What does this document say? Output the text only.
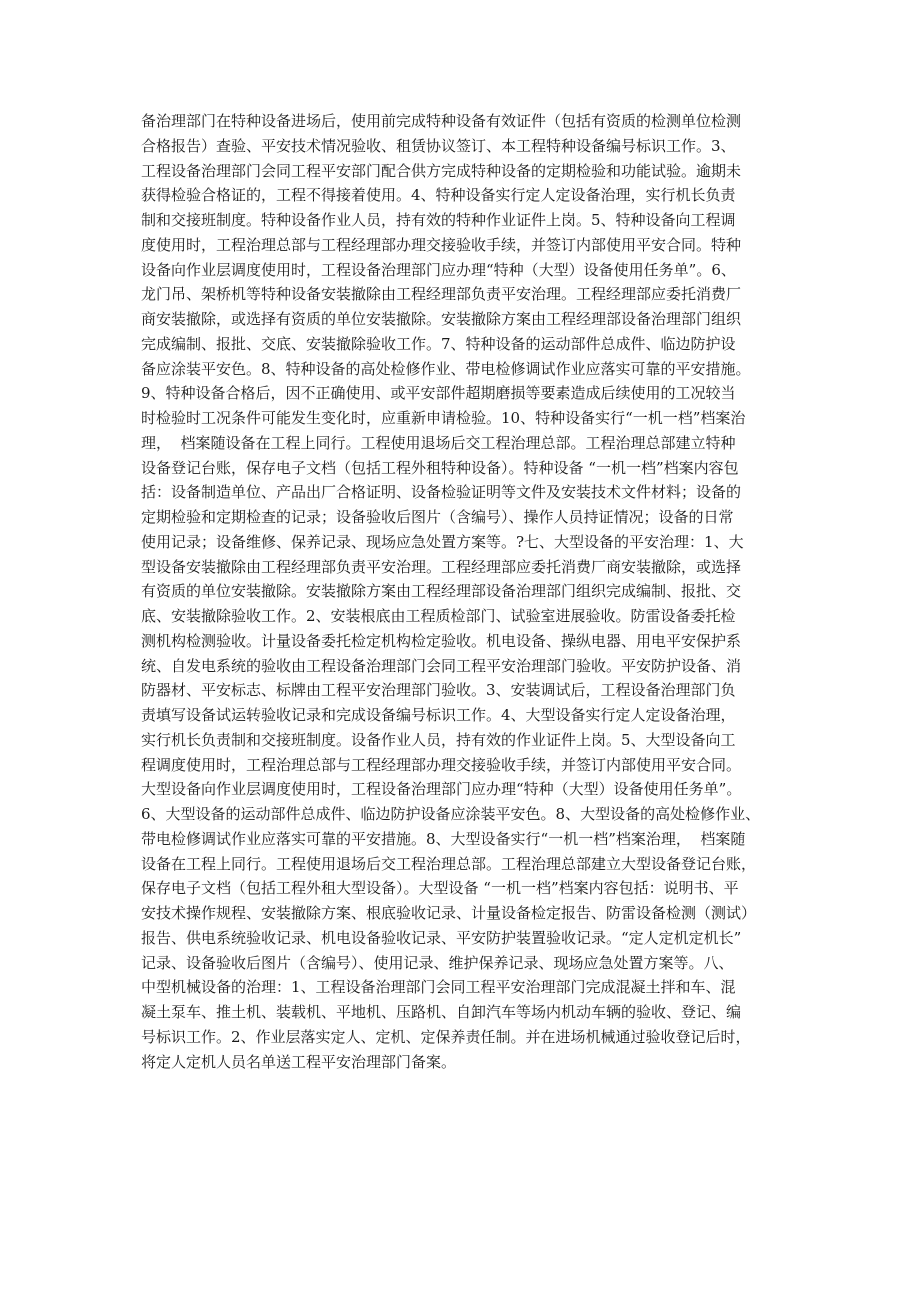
备治理部门在特种设备进场后，使用前完成特种设备有效证件（包括有资质的检测单位检测
合格报告）查验、平安技术情况验收、租赁协议签订、本工程特种设备编号标识工作。3、
工程设备治理部门会同工程平安部门配合供方完成特种设备的定期检验和功能试验。逾期未
获得检验合格证的，工程不得接着使用。4、特种设备实行定人定设备治理，实行机长负责
制和交接班制度。特种设备作业人员，持有效的特种作业证件上岗。5、特种设备向工程调
度使用时，工程治理总部与工程经理部办理交接验收手续，并签订内部使用平安合同。特种
设备向作业层调度使用时，工程设备治理部门应办理“特种（大型）设备使用任务单”。6、
龙门吊、架桥机等特种设备安装撤除由工程经理部负责平安治理。工程经理部应委托消费厂
商安装撤除，或选择有资质的单位安装撤除。安装撤除方案由工程经理部设备治理部门组织
完成编制、报批、交底、安装撤除验收工作。7、特种设备的运动部件总成件、临边防护设
备应涂装平安色。8、特种设备的高处检修作业、带电检修调试作业应落实可靠的平安措施。
9、特种设备合格后，因不正确使用、或平安部件超期磨损等要素造成后续使用的工况较当
时检验时工况条件可能发生变化时，应重新申请检验。10、特种设备实行“一机一档”档案治
理，  档案随设备在工程上同行。工程使用退场后交工程治理总部。工程治理总部建立特种
设备登记台账，保存电子文档（包括工程外租特种设备）。特种设备 “一机一档”档案内容包
括：设备制造单位、产品出厂合格证明、设备检验证明等文件及安装技术文件材料；设备的
定期检验和定期检查的记录；设备验收后图片（含编号）、操作人员持证情况；设备的日常
使用记录；设备维修、保养记录、现场应急处置方案等。?七、大型设备的平安治理：1、大
型设备安装撤除由工程经理部负责平安治理。工程经理部应委托消费厂商安装撤除，或选择
有资质的单位安装撤除。安装撤除方案由工程经理部设备治理部门组织完成编制、报批、交
底、安装撤除验收工作。2、安装根底由工程质检部门、试验室进展验收。防雷设备委托检
测机构检测验收。计量设备委托检定机构检定验收。机电设备、操纵电器、用电平安保护系
统、自发电系统的验收由工程设备治理部门会同工程平安治理部门验收。平安防护设备、消
防器材、平安标志、标牌由工程平安治理部门验收。3、安装调试后，工程设备治理部门负
责填写设备试运转验收记录和完成设备编号标识工作。4、大型设备实行定人定设备治理，
实行机长负责制和交接班制度。设备作业人员，持有效的作业证件上岗。5、大型设备向工
程调度使用时，工程治理总部与工程经理部办理交接验收手续，并签订内部使用平安合同。
大型设备向作业层调度使用时，工程设备治理部门应办理“特种（大型）设备使用任务单”。
6、大型设备的运动部件总成件、临边防护设备应涂装平安色。8、大型设备的高处检修作业、
带电检修调试作业应落实可靠的平安措施。8、大型设备实行“一机一档”档案治理，  档案随
设备在工程上同行。工程使用退场后交工程治理总部。工程治理总部建立大型设备登记台账，
保存电子文档（包括工程外租大型设备）。大型设备 “一机一档”档案内容包括：说明书、平
安技术操作规程、安装撤除方案、根底验收记录、计量设备检定报告、防雷设备检测（测试）
报告、供电系统验收记录、机电设备验收记录、平安防护装置验收记录。“定人定机定机长”
记录、设备验收后图片（含编号）、使用记录、维护保养记录、现场应急处置方案等。八、
中型机械设备的治理：1、工程设备治理部门会同工程平安治理部门完成混凝土拌和车、混
凝土泵车、推土机、装载机、平地机、压路机、自卸汽车等场内机动车辆的验收、登记、编
号标识工作。2、作业层落实定人、定机、定保养责任制。并在进场机械通过验收登记后时，
将定人定机人员名单送工程平安治理部门备案。
